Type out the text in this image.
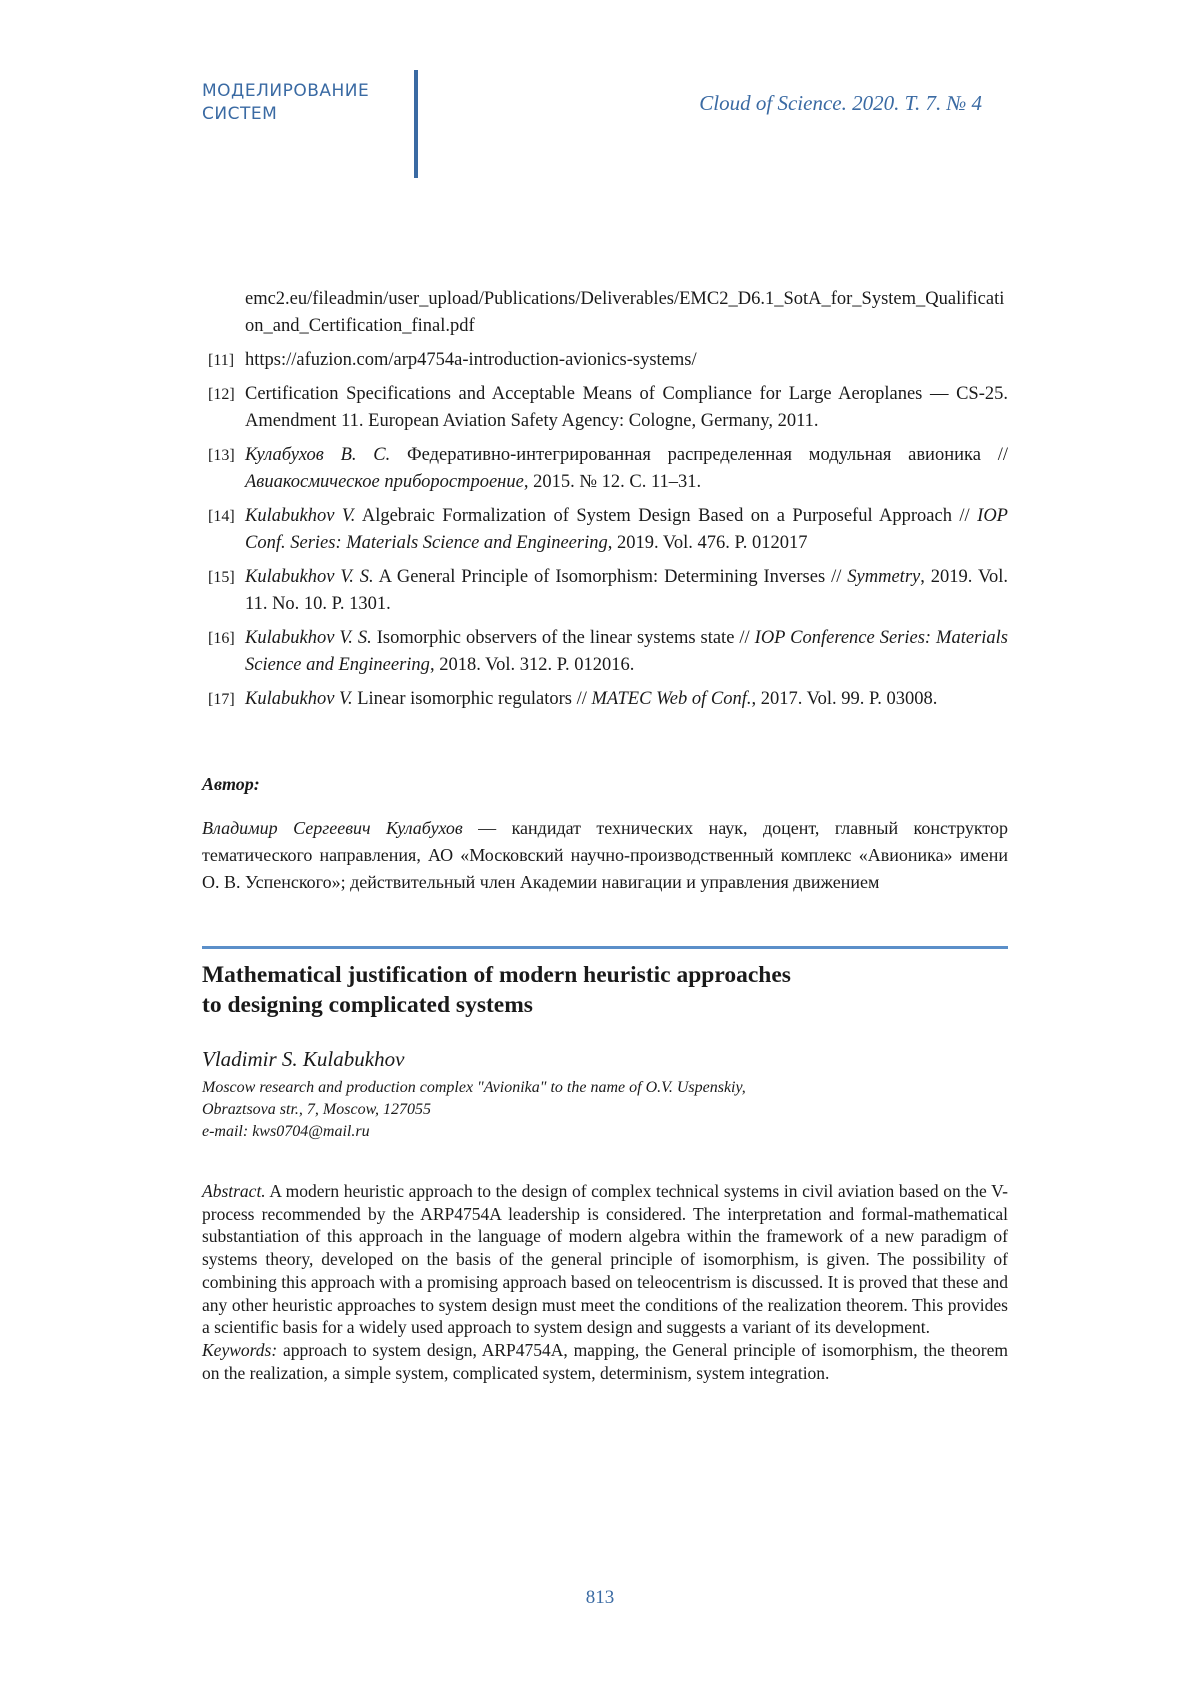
МОДЕЛИРОВАНИЕ
СИСТЕМ	Cloud of Science. 2020. Т. 7. № 4
emc2.eu/fileadmin/user_upload/Publications/Deliverables/EMC2_D6.1_SotA_for_System_Qualification_and_Certification_final.pdf
[11] https://afuzion.com/arp4754a-introduction-avionics-systems/
[12] Certification Specifications and Acceptable Means of Compliance for Large Aeroplanes — CS-25. Amendment 11. European Aviation Safety Agency: Cologne, Germany, 2011.
[13] Кулабухов В. С. Федеративно-интегрированная распределенная модульная авионика // Авиакосмическое приборостроение, 2015. № 12. С. 11–31.
[14] Kulabukhov V. Algebraic Formalization of System Design Based on a Purposeful Approach // IOP Conf. Series: Materials Science and Engineering, 2019. Vol. 476. P. 012017
[15] Kulabukhov V. S. A General Principle of Isomorphism: Determining Inverses // Symmetry, 2019. Vol. 11. No. 10. P. 1301.
[16] Kulabukhov V. S. Isomorphic observers of the linear systems state // IOP Conference Series: Materials Science and Engineering, 2018. Vol. 312. P. 012016.
[17] Kulabukhov V. Linear isomorphic regulators // MATEC Web of Conf., 2017. Vol. 99. P. 03008.
Автор:
Владимир Сергеевич Кулабухов — кандидат технических наук, доцент, главный конструктор тематического направления, АО «Московский научно-производственный комплекс «Авионика» имени О. В. Успенского»; действительный член Академии навигации и управления движением
Mathematical justification of modern heuristic approaches
to designing complicated systems
Vladimir S. Kulabukhov
Moscow research and production complex "Avionika" to the name of O.V. Uspenskiy,
Obraztsova str., 7, Moscow, 127055
e-mail: kws0704@mail.ru
Abstract. A modern heuristic approach to the design of complex technical systems in civil aviation based on the V-process recommended by the ARP4754A leadership is considered. The interpretation and formal-mathematical substantiation of this approach in the language of modern algebra within the framework of a new paradigm of systems theory, developed on the basis of the general principle of isomorphism, is given. The possibility of combining this approach with a promising approach based on teleocentrism is discussed. It is proved that these and any other heuristic approaches to system design must meet the conditions of the realization theorem. This provides a scientific basis for a widely used approach to system design and suggests a variant of its development.
Keywords: approach to system design, ARP4754A, mapping, the General principle of isomorphism, the theorem on the realization, a simple system, complicated system, determinism, system integration.
813
